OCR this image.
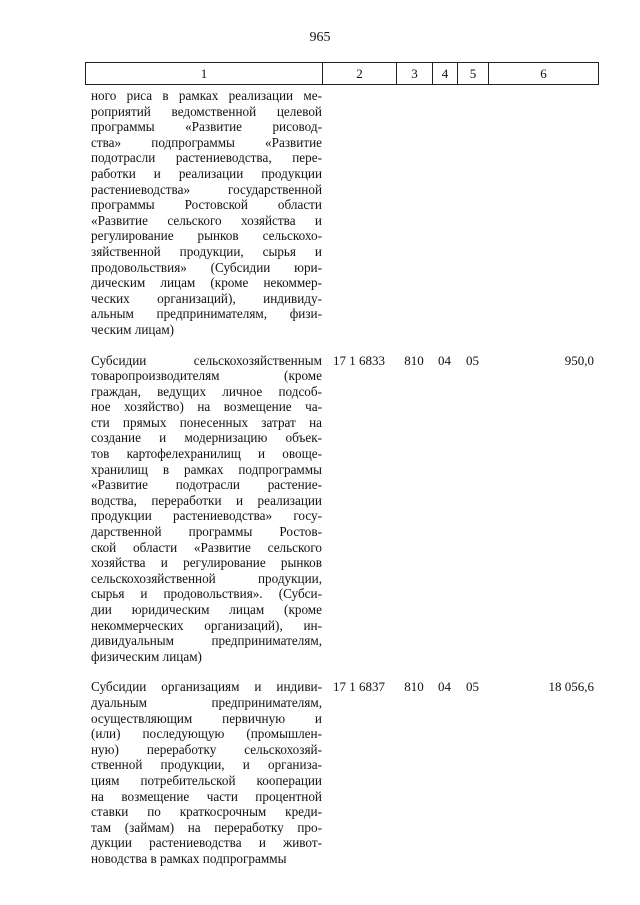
965
1	2	3	4	5	6
ного риса в рамках реализации ме-
роприятий ведомственной целевой
программы «Развитие рисовод-
ства» подпрограммы «Развитие
подотрасли растениеводства, пере-
работки и реализации продукции
растениеводства» государственной
программы Ростовской области
«Развитие сельского хозяйства и
регулирование рынков сельскохо-
зяйственной продукции, сырья и
продовольствия» (Субсидии юри-
дическим лицам (кроме некоммер-
ческих организаций), индивиду-
альным предпринимателям, физи-
ческим лицам)
Субсидии сельскохозяйственным
товаропроизводителям (кроме
граждан, ведущих личное подсоб-
ное хозяйство) на возмещение ча-
сти прямых понесенных затрат на
создание и модернизацию объек-
тов картофелехранилищ и овоще-
хранилищ в рамках подпрограммы
«Развитие подотрасли растение-
водства, переработки и реализации
продукции растениеводства» госу-
дарственной программы Ростов-
ской области «Развитие сельского
хозяйства и регулирование рынков
сельскохозяйственной продукции,
сырья и продовольствия». (Субси-
дии юридическим лицам (кроме
некоммерческих организаций), ин-
дивидуальным предпринимателям,
физическим лицам)
17 1 6833	810	04	05	950,0
Субсидии организациям и индиви-
дуальным предпринимателям,
осуществляющим первичную и
(или) последующую (промышлен-
ную) переработку сельскохозяй-
ственной продукции, и организа-
циям потребительской кооперации
на возмещение части процентной
ставки по краткосрочным креди-
там (займам) на переработку про-
дукции растениеводства и живот-
новодства в рамках подпрограммы
17 1 6837	810	04	05	18 056,6
